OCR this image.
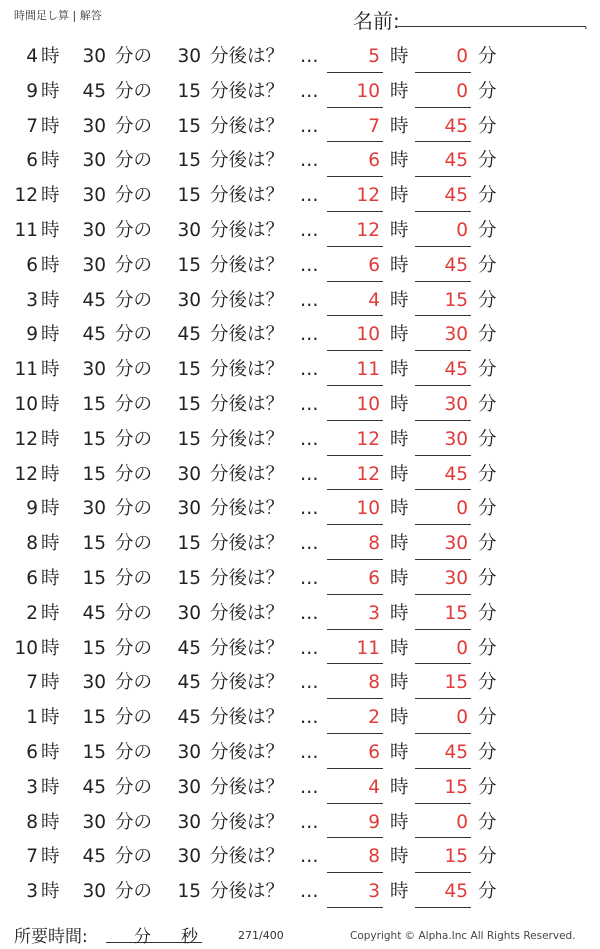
時間足し算 | 解答	名前:	.
4 時	30 分の	30 分後は？ …	5 時	0 分
9 時	45 分の	15 分後は？ …	10 時	0 分
7 時	30 分の	15 分後は？ …	7 時	45 分
6 時	30 分の	15 分後は？ …	6 時	45 分
12 時	30 分の	15 分後は？ …	12 時	45 分
11 時	30 分の	30 分後は？ …	12 時	0 分
6 時	30 分の	15 分後は？ …	6 時	45 分
3 時	45 分の	30 分後は？ …	4 時	15 分
9 時	45 分の	45 分後は？ …	10 時	30 分
11 時	30 分の	15 分後は？ …	11 時	45 分
10 時	15 分の	15 分後は？ …	10 時	30 分
12 時	15 分の	15 分後は？ …	12 時	30 分
12 時	15 分の	30 分後は？ …	12 時	45 分
9 時	30 分の	30 分後は？ …	10 時	0 分
8 時	15 分の	15 分後は？ …	8 時	30 分
6 時	15 分の	15 分後は？ …	6 時	30 分
2 時	45 分の	30 分後は？ …	3 時	15 分
10 時	15 分の	45 分後は？ …	11 時	0 分
7 時	30 分の	45 分後は？ …	8 時	15 分
1 時	15 分の	45 分後は？ …	2 時	0 分
6 時	15 分の	30 分後は？ …	6 時	45 分
3 時	45 分の	30 分後は？ …	4 時	15 分
8 時	30 分の	30 分後は？ …	9 時	0 分
7 時	45 分の	30 分後は？ …	8 時	15 分
3 時	30 分の	15 分後は？ …	3 時	45 分
所要時間:	分 秒	271/400	Copyright © Alpha.Inc All Rights Reserved.
